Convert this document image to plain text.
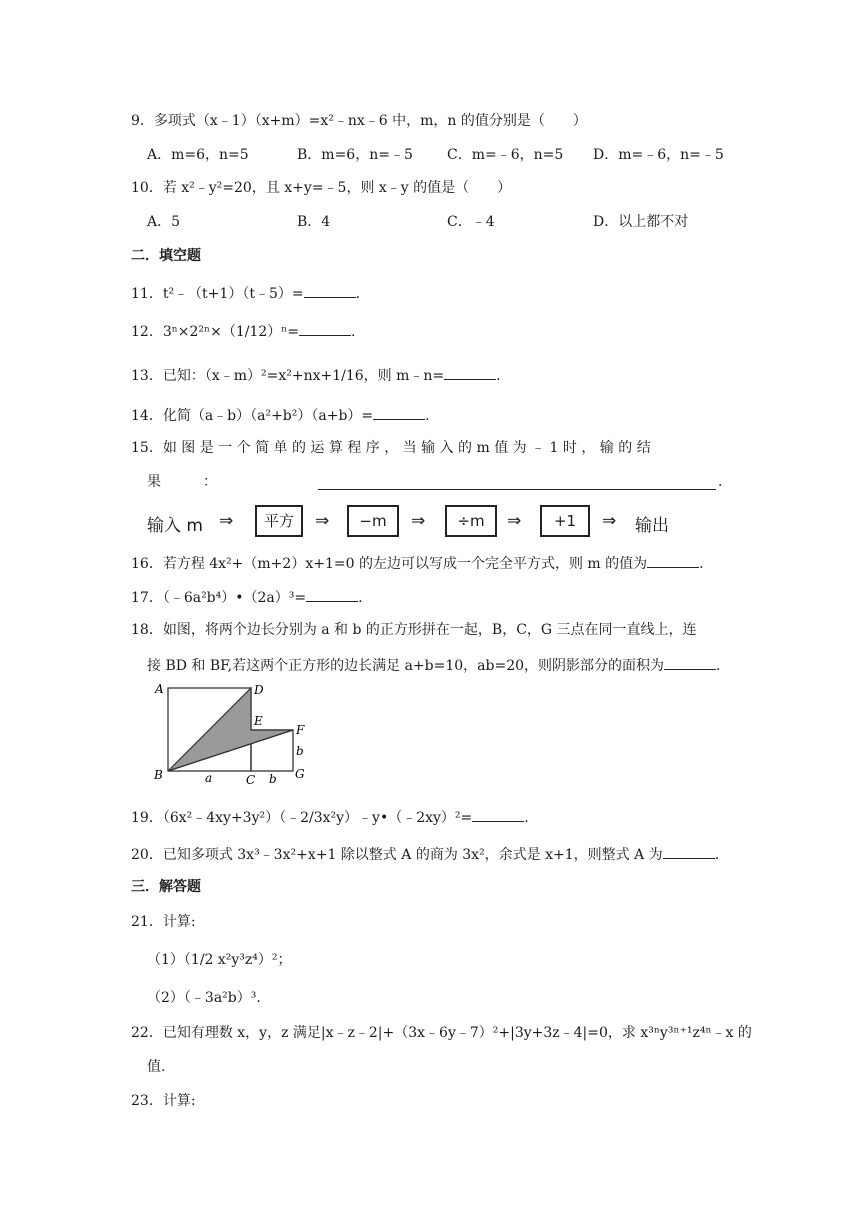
9．多项式（x﹣1）（x+m）=x²﹣nx﹣6 中，m，n 的值分别是（　　）
A．m=6，n=5	B．m=6，n=﹣5 C．m=﹣6，n=5 D．m=﹣6，n=﹣5
10．若 x²﹣y²=20，且 x+y=﹣5，则 x﹣y 的值是（　　）
A．5	B．4	C．﹣4	D．以上都不对
二．填空题
11．t²﹣（t+1）（t﹣5）=	.
12．3ⁿ×2²ⁿ×（1/12）ⁿ=	.
13．已知：（x﹣m）²=x²+nx+1/16，则 m﹣n=	.
14．化简（a﹣b）（a²+b²）（a+b）=	.
15．如 图 是 一 个 简 单 的 运 算 程 序 ， 当 输 入 的 m 值 为 ﹣ 1 时 ， 输 的 结
果　　　：	.
输入 m ⇒	平方	⇒	−m	⇒	÷m	⇒	+1	⇒ 输出
16．若方程 4x²+（m+2）x+1=0 的左边可以写成一个完全平方式，则 m 的值为	.
17．（﹣6a²b⁴）•（2a）³=	.
18．如图，将两个边长分别为 a 和 b 的正方形拼在一起，B，C，G 三点在同一直线上，连
接 BD 和 BF,若这两个正方形的边长满足 a+b=10，ab=20，则阴影部分的面积为	.
A	D
E
F
B	C	G
a	b
b
19．（6x²﹣4xy+3y²）（﹣2/3x²y）﹣y•（﹣2xy）²=	.
20．已知多项式 3x³﹣3x²+x+1 除以整式 A 的商为 3x²，余式是 x+1，则整式 A 为	.
三．解答题
21．计算:
（1）（1/2 x²y³z⁴）²；
（2）（﹣3a²b）³.
22．已知有理数 x，y，z 满足|x﹣z﹣2|+（3x﹣6y﹣7）²+|3y+3z﹣4|=0，求 x³ⁿy³ⁿ⁺¹z⁴ⁿ﹣x 的
值.
23．计算:
